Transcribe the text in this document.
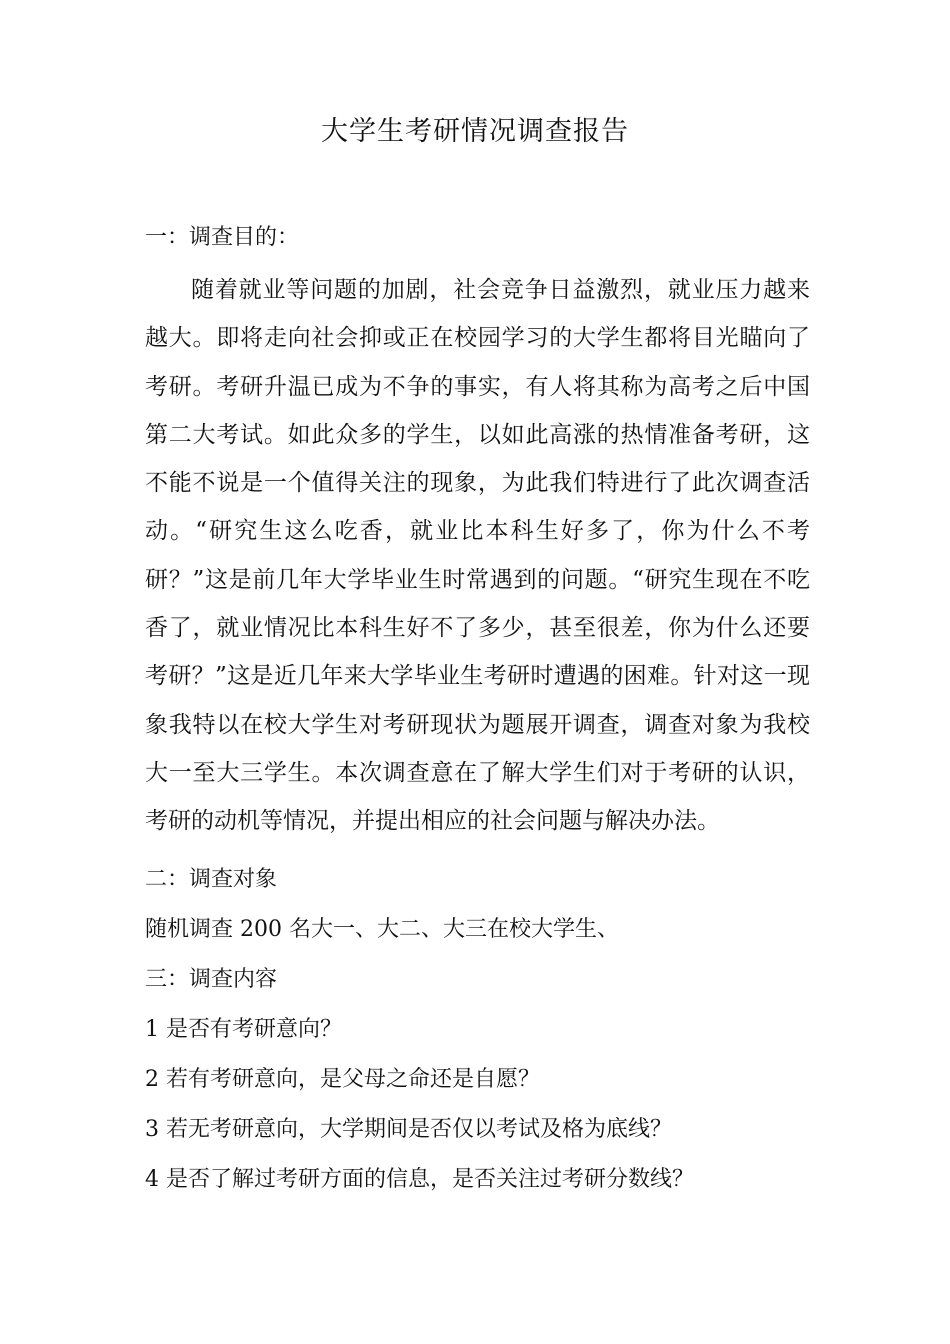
大学生考研情况调查报告
一：调查目的：
随着就业等问题的加剧，社会竞争日益激烈，就业压力越来越大。即将走向社会抑或正在校园学习的大学生都将目光瞄向了考研。考研升温已成为不争的事实，有人将其称为高考之后中国第二大考试。如此众多的学生，以如此高涨的热情准备考研，这不能不说是一个值得关注的现象，为此我们特进行了此次调查活动。“研究生这么吃香，就业比本科生好多了，你为什么不考研？”这是前几年大学毕业生时常遇到的问题。“研究生现在不吃香了，就业情况比本科生好不了多少，甚至很差，你为什么还要考研？”这是近几年来大学毕业生考研时遭遇的困难。针对这一现象我特以在校大学生对考研现状为题展开调查，调查对象为我校大一至大三学生。本次调查意在了解大学生们对于考研的认识，考研的动机等情况，并提出相应的社会问题与解决办法。
二：调查对象
随机调查 200 名大一、大二、大三在校大学生、
三：调查内容
1 是否有考研意向？
2 若有考研意向，是父母之命还是自愿？
3 若无考研意向，大学期间是否仅以考试及格为底线？
4 是否了解过考研方面的信息，是否关注过考研分数线？
